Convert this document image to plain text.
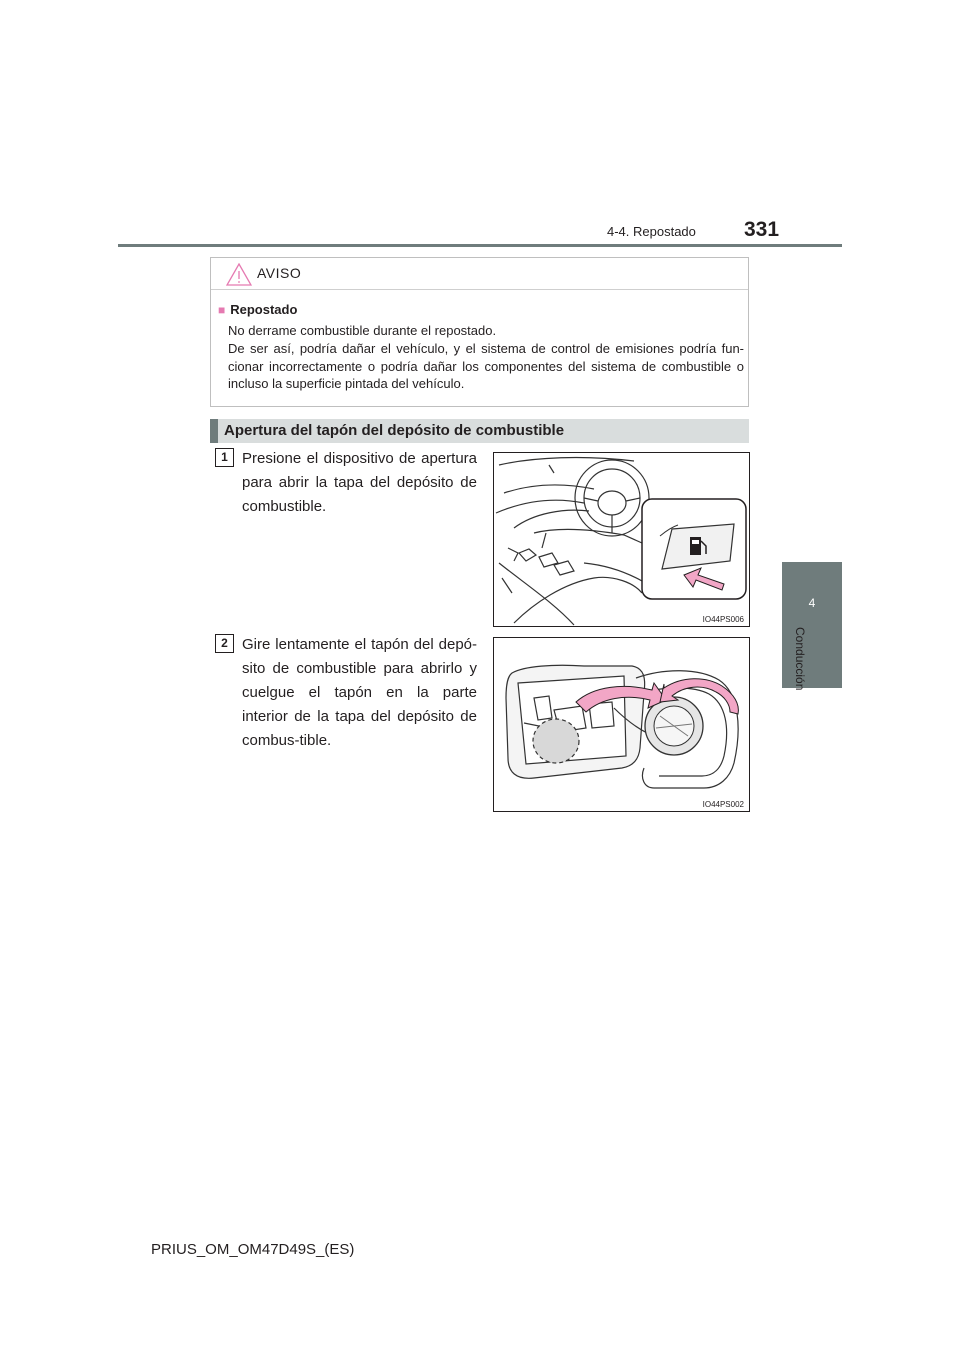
4-4. Repostado 331
4
Conducción
AVISO
■ Repostado

No derrame combustible durante el repostado.

De ser así, podría dañar el vehículo, y el sistema de control de emisiones podría fun-cionar incorrectamente o podría dañar los componentes del sistema de combustible o incluso la superficie pintada del vehículo.

Apertura del tapón del depósito de combustible
1 Presione el dispositivo de apertura para abrir la tapa del depósito de combustible.

IO44PS006
2 Gire lentamente el tapón del depó-sito de combustible para abrirlo y cuelgue el tapón en la parte interior de la tapa del depósito de combus-tible.

IO44PS002
PRIUS_OM_OM47D49S_(ES)
